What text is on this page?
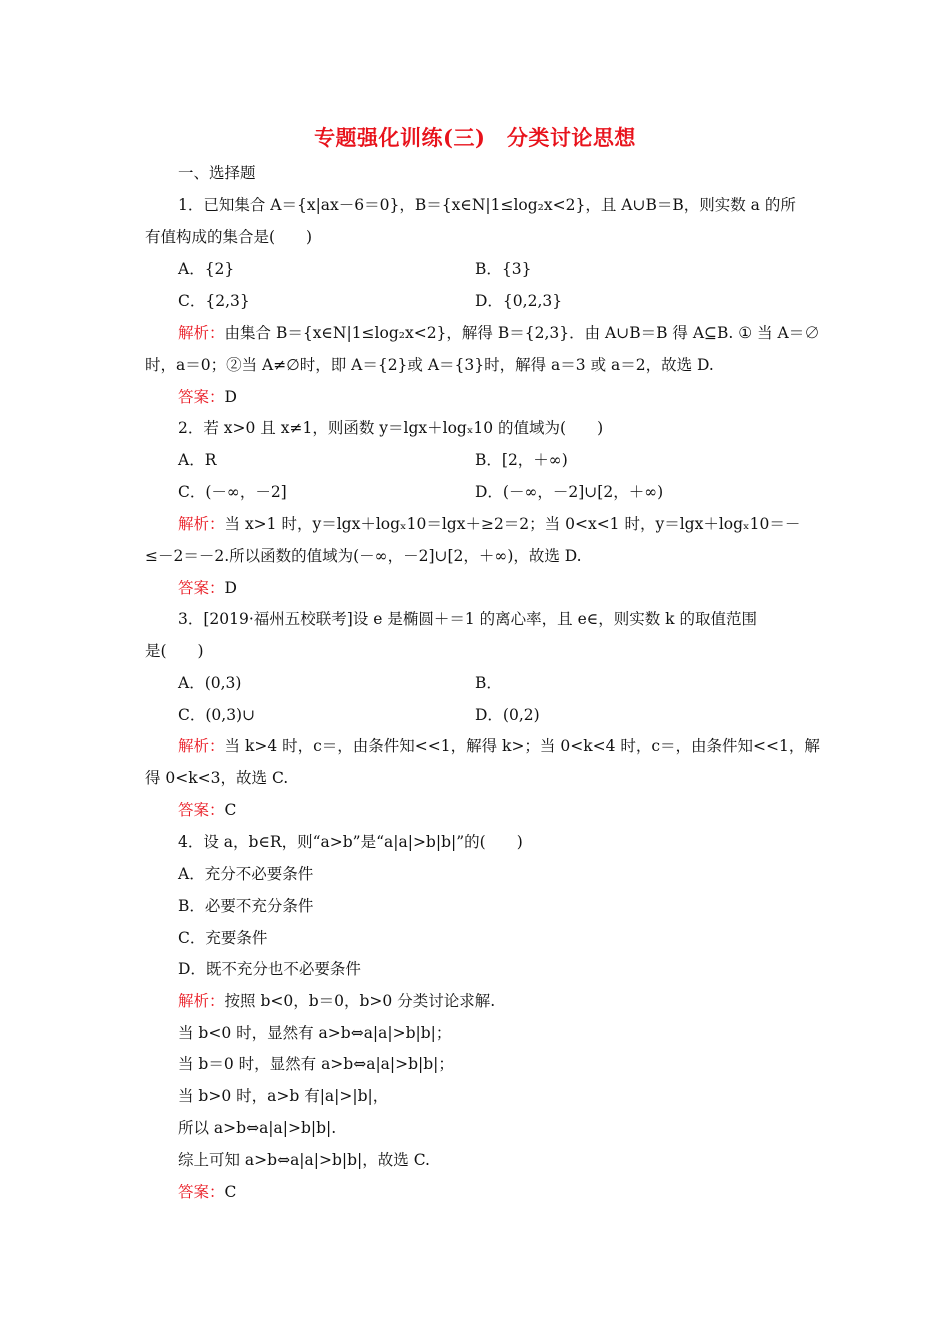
专题强化训练(三)　分类讨论思想
一、选择题
1．已知集合 A＝{x|ax－6＝0}，B＝{x∈N|1≤log₂x<2}，且 A∪B＝B，则实数 a 的所
有值构成的集合是(　　)
A．{2}	B．{3}
C．{2,3}	D．{0,2,3}
解析：由集合 B＝{x∈N|1≤log₂x<2}，解得 B＝{2,3}．由 A∪B＝B 得 A⊆B. ① 当 A＝∅
时，a＝0；②当 A≠∅时，即 A＝{2}或 A＝{3}时，解得 a＝3 或 a＝2，故选 D.
答案：D
2．若 x>0 且 x≠1，则函数 y＝lgx＋logₓ10 的值域为(　　)
A．R	B．[2，＋∞)
C．(－∞，－2]	D．(－∞，－2]∪[2，＋∞)
解析：当 x>1 时，y＝lgx＋logₓ10＝lgx＋≥2＝2；当 0<x<1 时，y＝lgx＋logₓ10＝－
≤－2＝－2.所以函数的值域为(－∞，－2]∪[2，＋∞)，故选 D.
答案：D
3．[2019·福州五校联考]设 e 是椭圆＋＝1 的离心率，且 e∈，则实数 k 的取值范围
是(　　)
A．(0,3)	B．
C．(0,3)∪	D．(0,2)
解析：当 k>4 时，c＝，由条件知<<1，解得 k>；当 0<k<4 时，c＝，由条件知<<1，解
得 0<k<3，故选 C.
答案：C
4．设 a，b∈R，则“a>b”是“a|a|>b|b|”的(　　)
A．充分不必要条件
B．必要不充分条件
C．充要条件
D．既不充分也不必要条件
解析：按照 b<0，b＝0，b>0 分类讨论求解.
当 b<0 时，显然有 a>b⇔a|a|>b|b|；
当 b＝0 时，显然有 a>b⇔a|a|>b|b|；
当 b>0 时，a>b 有|a|>|b|，
所以 a>b⇔a|a|>b|b|.
综上可知 a>b⇔a|a|>b|b|，故选 C.
答案：C
